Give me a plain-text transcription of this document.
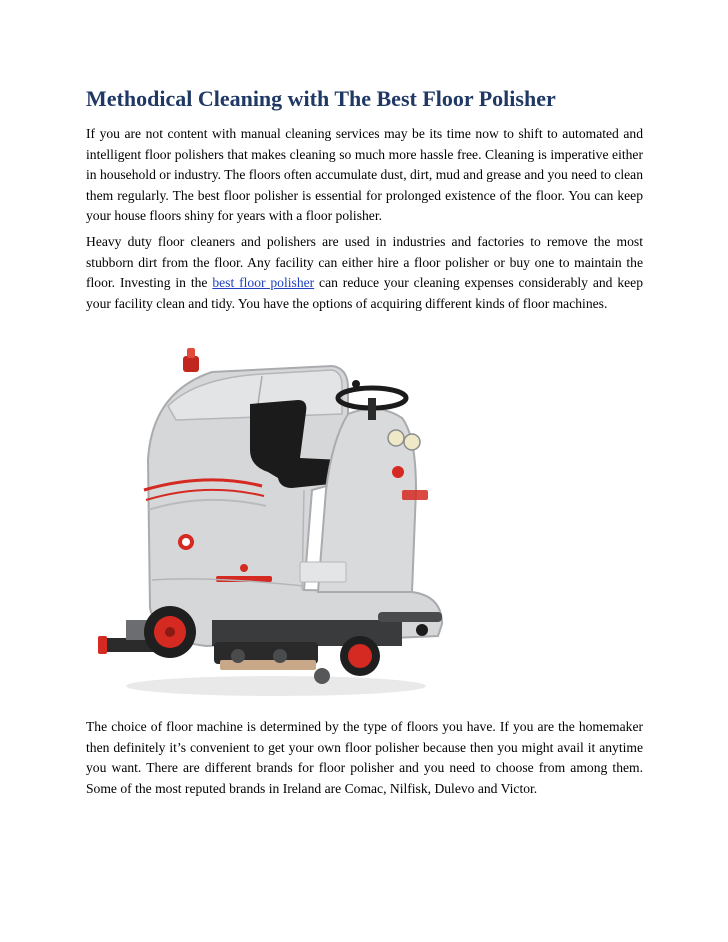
Methodical Cleaning with The Best Floor Polisher

If you are not content with manual cleaning services may be its time now to shift to automated and intelligent floor polishers that makes cleaning so much more hassle free. Cleaning is imperative either in household or industry. The floors often accumulate dust, dirt, mud and grease and you need to clean them regularly. The best floor polisher is essential for prolonged existence of the floor. You can keep your house floors shiny for years with a floor polisher.

Heavy duty floor cleaners and polishers are used in industries and factories to remove the most stubborn dirt from the floor. Any facility can either hire a floor polisher or buy one to maintain the floor. Investing in the best floor polisher can reduce your cleaning expenses considerably and keep your facility clean and tidy. You have the options of acquiring different kinds of floor machines.

The choice of floor machine is determined by the type of floors you have. If you are the homemaker then definitely it’s convenient to get your own floor polisher because then you might avail it anytime you want. There are different brands for floor polisher and you need to choose from among them. Some of the most reputed brands in Ireland are Comac, Nilfisk, Dulevo and Victor.
